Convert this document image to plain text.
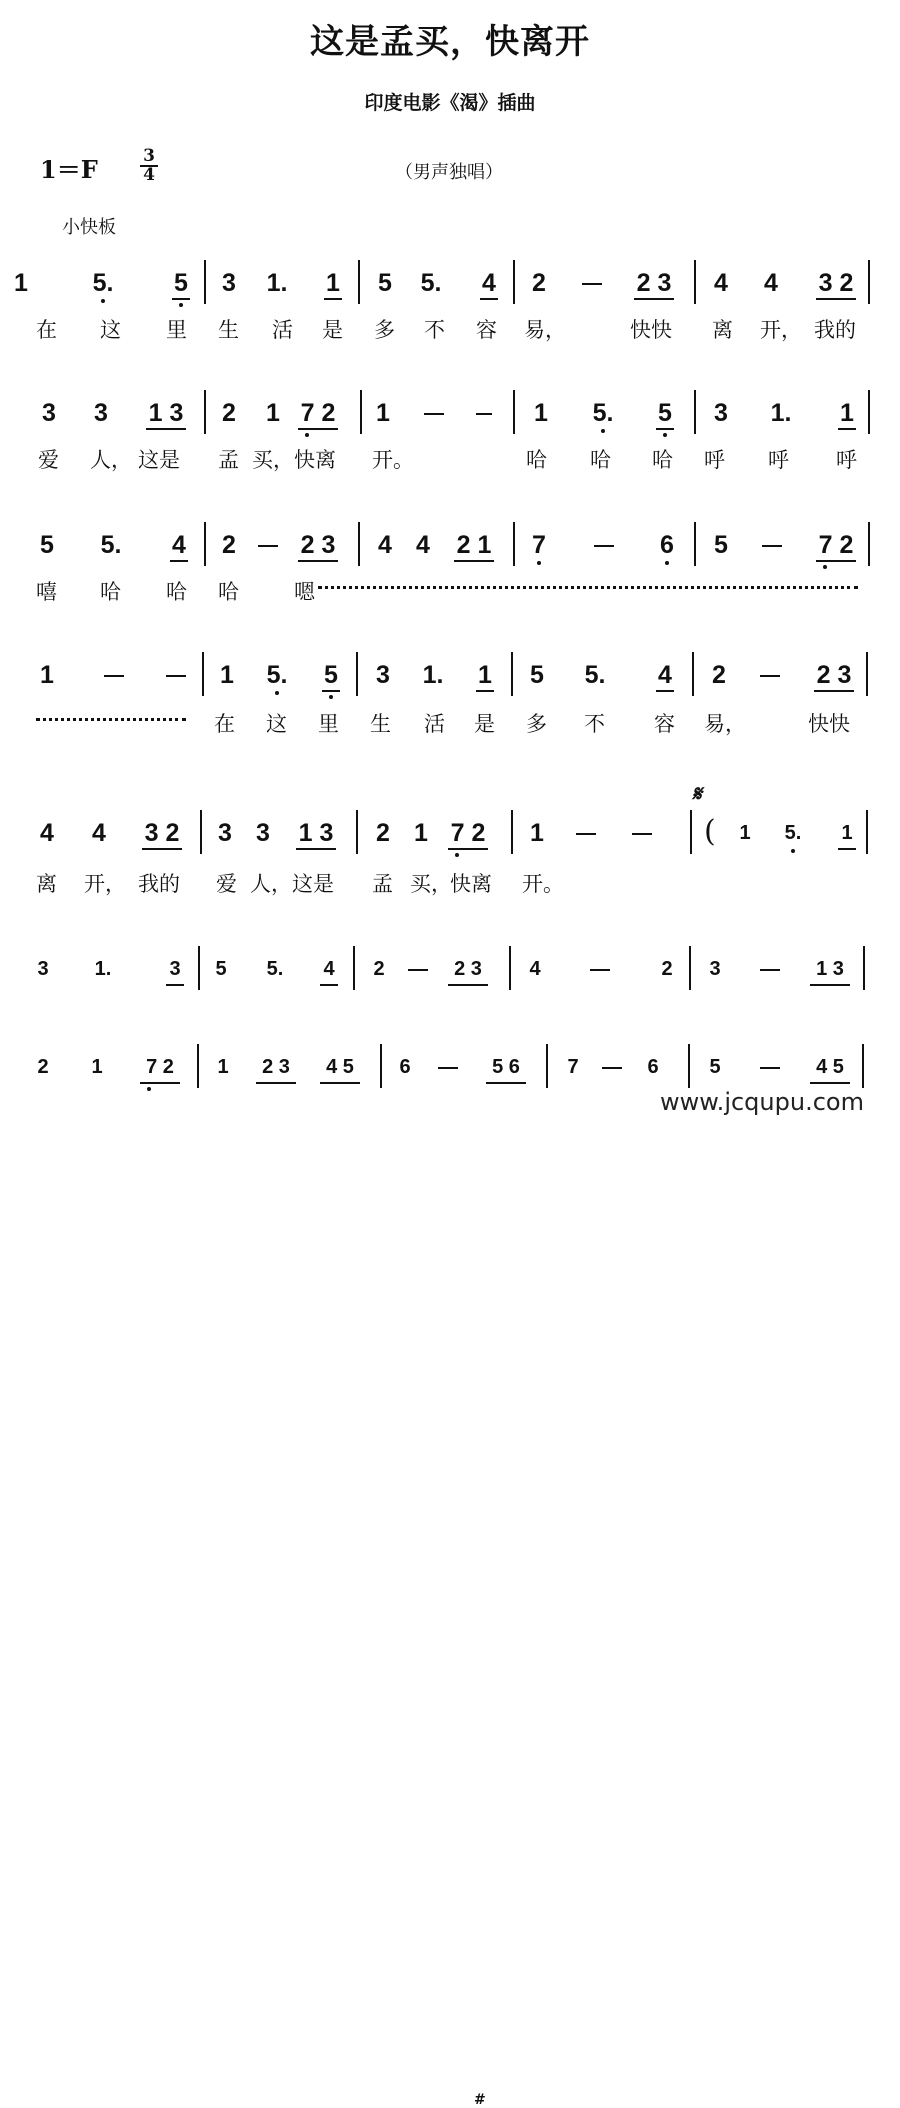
这是孟买，快离开
印度电影《渴》插曲
1＝F	3
4	（男声独唱）
小快板
1	5. 5 3 1. 1 5 5. 4 2	2 3 4 4 3 2
在 这 里 生 活 是 多 不 容 易，	快快 离 开， 我的
3 3 1 3 2 1 7 2 1	1 5. 5 3 1. 1
爱 人， 这是 孟 买， 快离 开。	哈 哈 哈 呼 呼 呼
5 5. 4 2	2 3 4 4 2 1 7	6 5	7 2
嘻 哈 哈 哈	嗯
1	1 5. 5 3 1. 1 5 5. 4 2	2 3
在 这 里 生 活 是 多 不 容 易，	快快
𝄋
4 4 3 2 3 3 1 3 2 1 7 2 1	( 1 5. 1
离 开， 我的 爱 人， 这是 孟 买，
快离 开。
3 1.	3 5 5. 4 2	2 3	4	2 3	1 3
2 1	7 2	1	2 3	4 5	6
#
5 6	7	6	5	4 5
www.jcqupu.com
